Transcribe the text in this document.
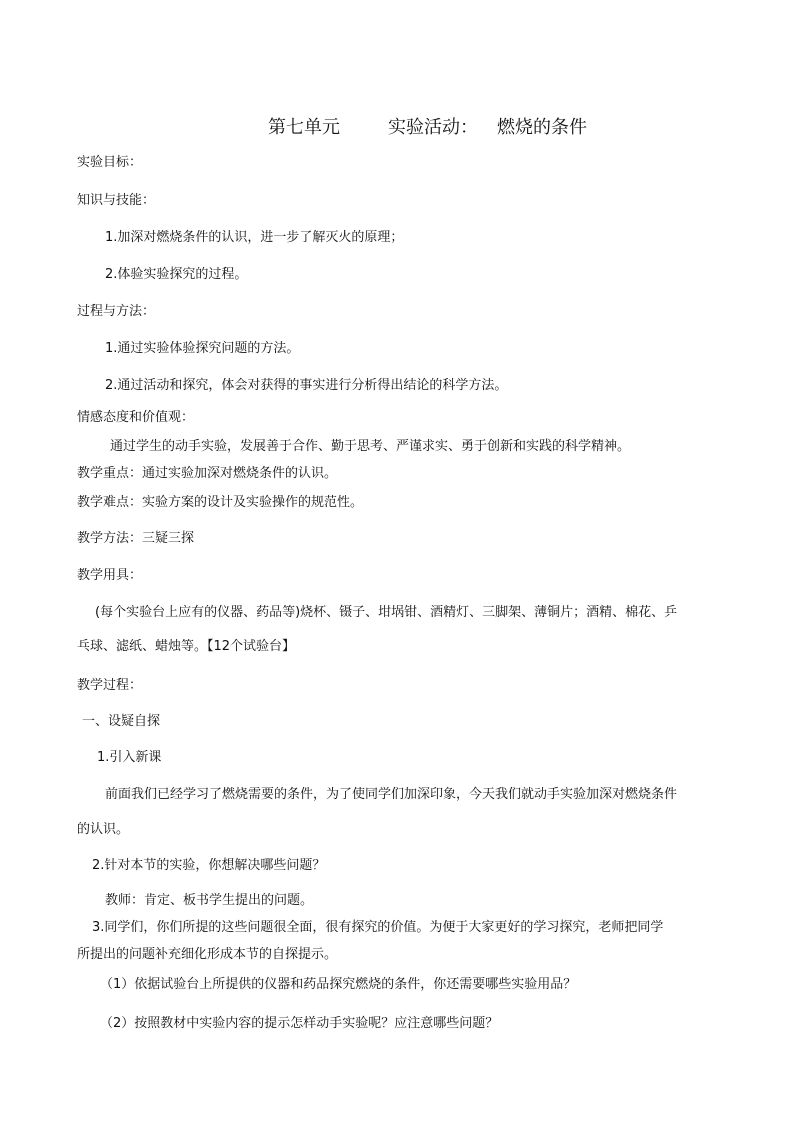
第七单元	实验活动： 燃烧的条件
实验目标：
知识与技能：
1.加深对燃烧条件的认识，进一步了解灭火的原理；
2.体验实验探究的过程。
过程与方法：
1.通过实验体验探究问题的方法。
2.通过活动和探究，体会对获得的事实进行分析得出结论的科学方法。
情感态度和价值观：
通过学生的动手实验，发展善于合作、勤于思考、严谨求实、勇于创新和实践的科学精神。
教学重点：通过实验加深对燃烧条件的认识。
教学难点：实验方案的设计及实验操作的规范性。
教学方法：三疑三探
教学用具：
(每个实验台上应有的仪器、药品等)烧杯、镊子、坩埚钳、酒精灯、三脚架、薄铜片；酒精、棉花、乒
乓球、滤纸、蜡烛等。【12个试验台】
教学过程：
一、设疑自探
1.引入新课
前面我们已经学习了燃烧需要的条件，为了使同学们加深印象，今天我们就动手实验加深对燃烧条件
的认识。
2.针对本节的实验，你想解决哪些问题？
教师：肯定、板书学生提出的问题。
3.同学们，你们所提的这些问题很全面，很有探究的价值。为便于大家更好的学习探究，老师把同学
所提出的问题补充细化形成本节的自探提示。
（1）依据试验台上所提供的仪器和药品探究燃烧的条件，你还需要哪些实验用品？
（2）按照教材中实验内容的提示怎样动手实验呢？应注意哪些问题？
